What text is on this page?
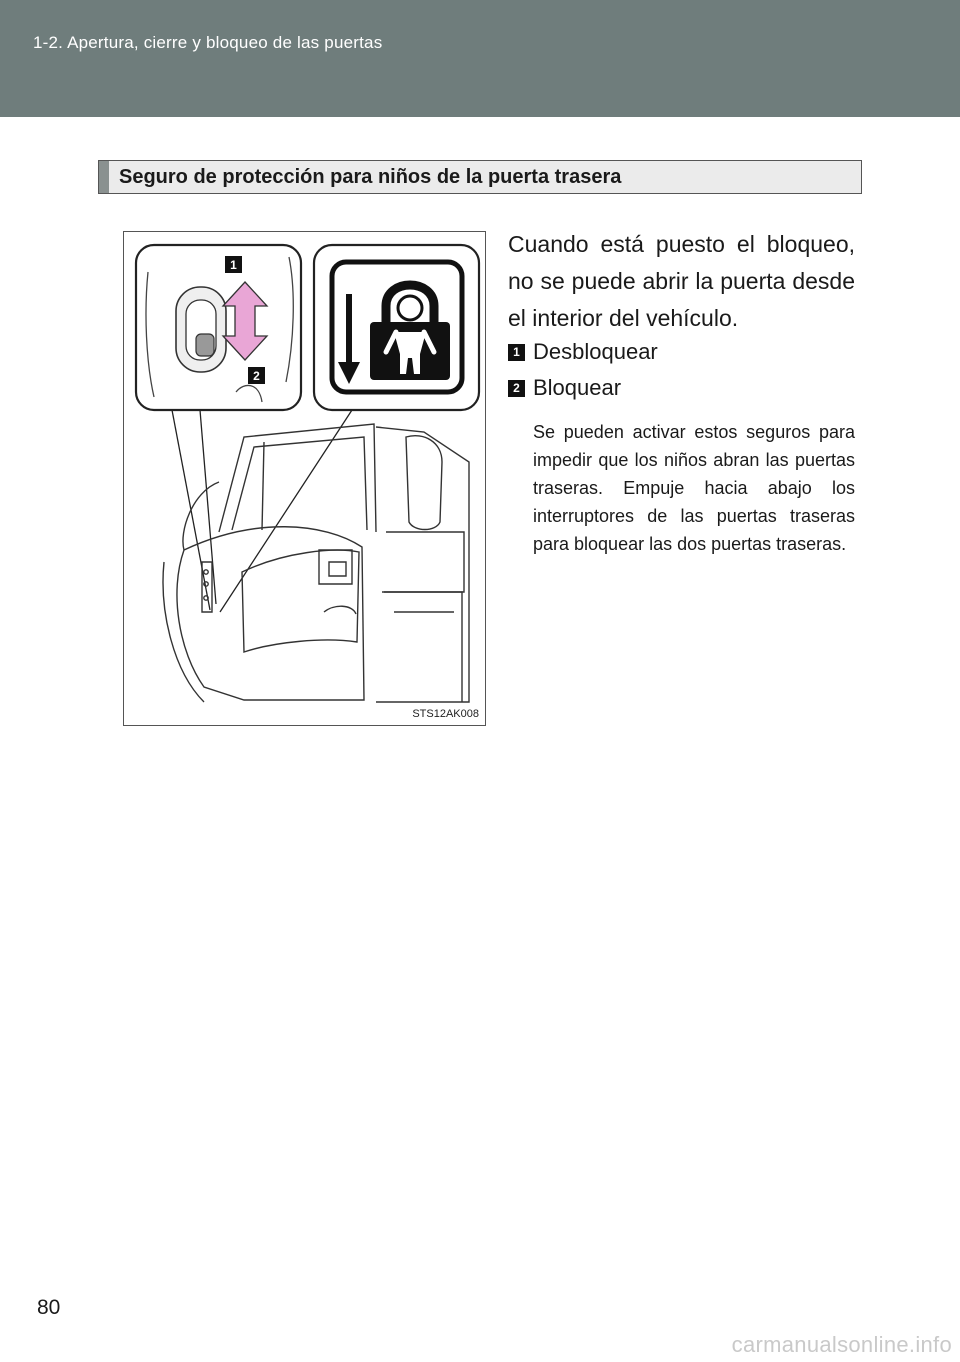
1-2. Apertura, cierre y bloqueo de las puertas
Seguro de protección para niños de la puerta trasera
1
2
STS12AK008
Cuando está puesto el bloqueo, no se puede abrir la puerta desde el interior del vehículo.
1 Desbloquear
2 Bloquear
Se pueden activar estos seguros para impedir que los niños abran las puertas traseras. Empuje hacia abajo los interruptores de las puertas traseras para bloquear las dos puertas traseras.
80
carmanualsonline.info
